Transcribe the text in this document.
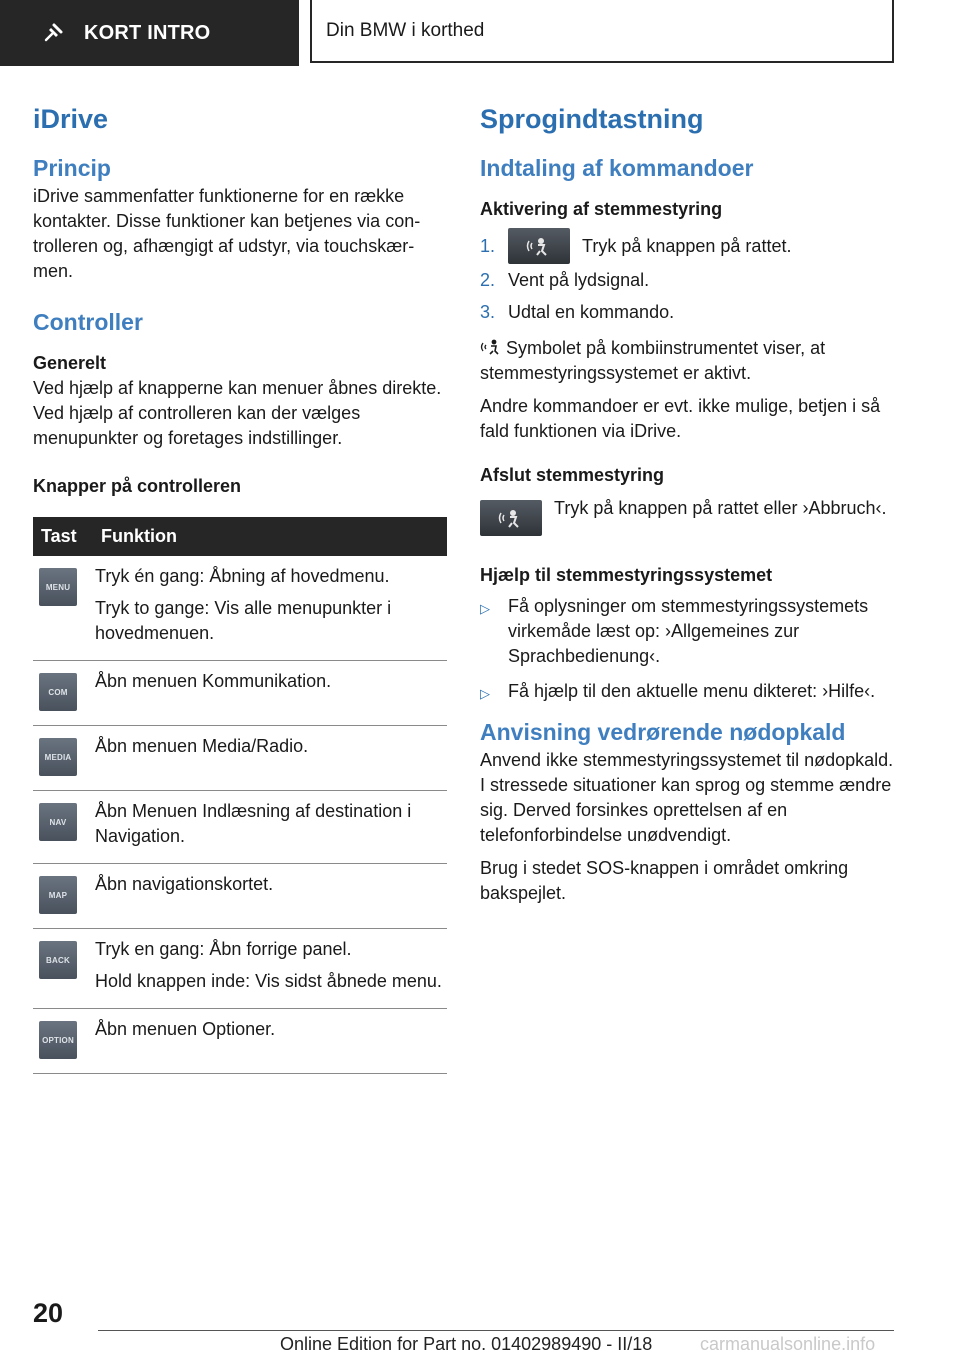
KORT INTRO	Din BMW i korthed
iDrive
Princip

iDrive sammenfatter funktionerne for en række kontakter. Disse funktioner kan betjenes via controlleren og, afhængigt af udstyr, via touchskærmen.

Controller
Generelt

Ved hjælp af knapperne kan menuer åbnes direkte. Ved hjælp af controlleren kan der vælges menupunkter og foretages indstillinger.

Knapper på controlleren
Tast	Funktion

MENU	Tryk én gang: Åbning af hovedmenu.

Tryk to gange: Vis alle menupunkter i hovedmenuen.

COM	Åbn menuen Kommunikation.

MEDIA	Åbn menuen Media/Radio.

NAV	Åbn Menuen Indlæsning af destination i Navigation.

MAP	Åbn navigationskortet.

BACK	Tryk en gang: Åbn forrige panel.

Hold knappen inde: Vis sidst åbnede menu.

OPTION	Åbn menuen Optioner.

Sprogindtastning
Indtaling af kommandoer
Aktivering af stemmestyring
1.	Tryk på knappen på rattet.
2. Vent på lydsignal.
3. Udtal en kommando.

Symbolet på kombiinstrumentet viser, at stemmestyringssystemet er aktivt.

Andre kommandoer er evt. ikke mulige, betjen i så fald funktionen via iDrive.

Afslut stemmestyring

Tryk på knappen på rattet eller ›Abbruch‹.

Hjælp til stemmestyringssystemet
▷	Få oplysninger om stemmestyringssystemets virkemåde læst op: ›Allgemeines zur Sprachbedienung‹.
▷	Få hjælp til den aktuelle menu dikteret: ›Hilfe‹.
Anvisning vedrørende nødopkald

Anvend ikke stemmestyringssystemet til nødopkald. I stressede situationer kan sprog og stemme ændre sig. Derved forsinkes oprettelsen af en telefonforbindelse unødvendigt.

Brug i stedet SOS-knappen i området omkring bakspejlet.

20
Online Edition for Part no. 01402989490 - II/18	carmanualsonline.info
